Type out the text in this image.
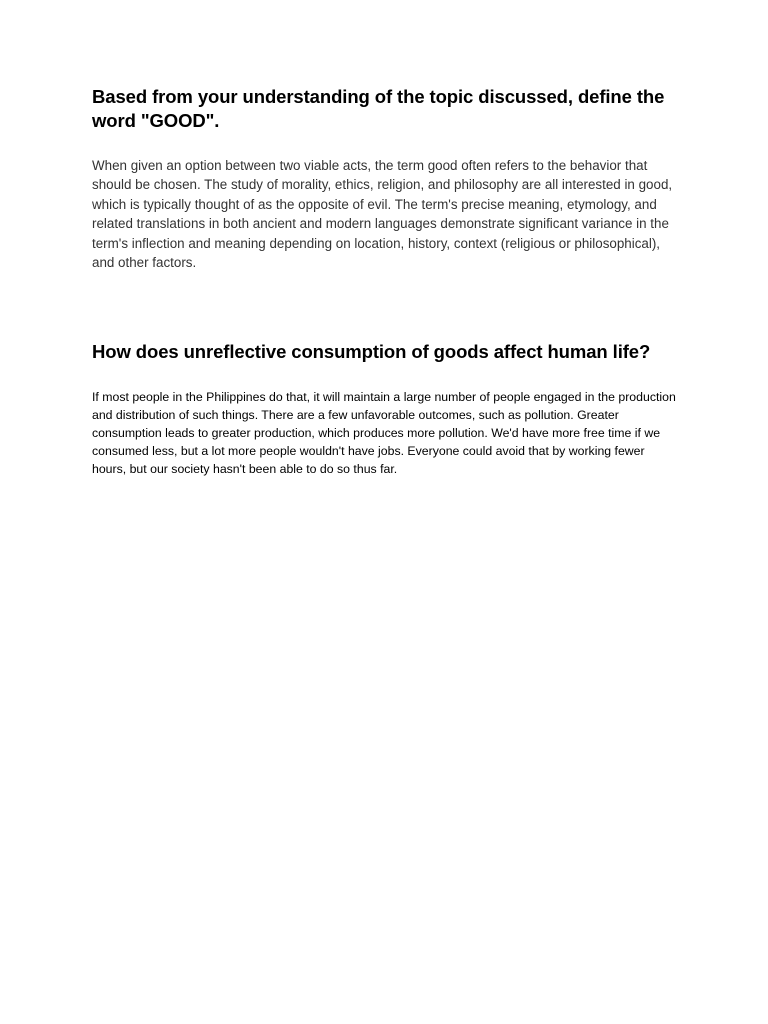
Based from your understanding of the topic discussed, define the word "GOOD".

When given an option between two viable acts, the term good often refers to the behavior that should be chosen. The study of morality, ethics, religion, and philosophy are all interested in good, which is typically thought of as the opposite of evil. The term's precise meaning, etymology, and related translations in both ancient and modern languages demonstrate significant variance in the term's inflection and meaning depending on location, history, context (religious or philosophical), and other factors.

How does unreflective consumption of goods affect human life?

If most people in the Philippines do that, it will maintain a large number of people engaged in the production and distribution of such things. There are a few unfavorable outcomes, such as pollution. Greater consumption leads to greater production, which produces more pollution. We'd have more free time if we consumed less, but a lot more people wouldn't have jobs. Everyone could avoid that by working fewer hours, but our society hasn't been able to do so thus far.
